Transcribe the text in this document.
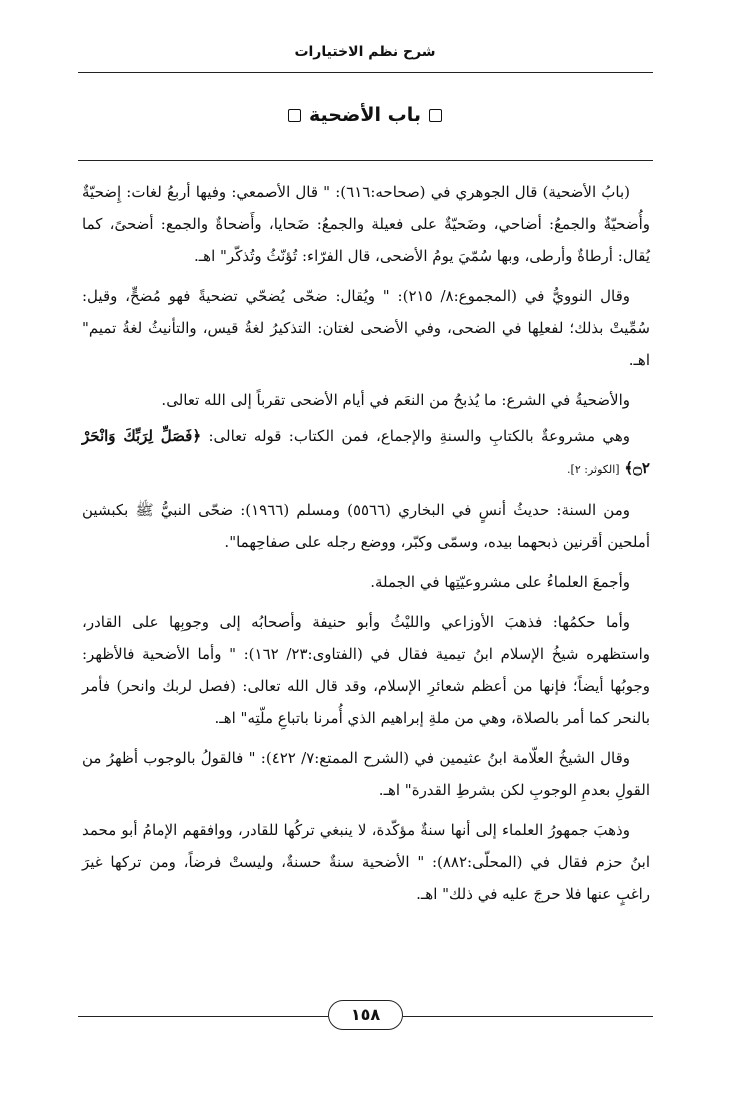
شرح نظم الاختيارات
باب الأضحية

(بابُ الأضحية) قال الجوهري في (صحاحه:٦١٦): " قال الأصمعي: وفيها أربعُ لغات: إِضحيّةٌ وأُضحيّةٌ والجمعُ: أضاحي، وضَحيّةٌ على فعيلة والجمعُ: ضَحايا، وأَضحاةٌ والجمع: أضحىً، كما يُقال: أرطاةٌ وأرطى، وبها سُمّيَ يومُ الأضحى، قال الفرّاء: تُؤنّثُ وتُذكّر" اهـ.

وقال النوويُّ في (المجموع:٨/ ٢١٥): " ويُقال: ضحّى يُضحّي تضحيةً فهو مُضحٍّ، وقيل: سُمِّيتْ بذلك؛ لفعلِها في الضحى، وفي الأضحى لغتان: التذكيرُ لغةُ قيس، والتأنيثُ لغةُ تميم" اهـ.

والأضحيةُ في الشرع: ما يُذبحُ من النعَم في أيام الأضحى تقرباً إلى الله تعالى.

وهي مشروعةٌ بالكتابِ والسنةِ والإجماع، فمن الكتاب: قوله تعالى: ﴿فَصَلِّ لِرَبِّكَ وَانْحَرْ ۝٢﴾ [الكوثر: ٢].

ومن السنة: حديثُ أنسٍ في البخاري (٥٥٦٦) ومسلم (١٩٦٦): ضحّى النبيُّ ﷺ بكبشين أملحين أقرنين ذبحهما بيده، وسمّى وكبّر، ووضع رجله على صفاحِهما".

وأجمعَ العلماءُ على مشروعيّتِها في الجملة.

وأما حكمُها: فذهبَ الأوزاعي والليْثُ وأبو حنيفة وأصحابُه إلى وجوبِها على القادر، واستظهره شيخُ الإسلام ابنُ تيمية فقال في (الفتاوى:٢٣/ ١٦٢): " وأما الأضحية فالأظهر: وجوبُها أيضاً؛ فإنها من أعظم شعائرِ الإسلام، وقد قال الله تعالى: (فصل لربك وانحر) فأمر بالنحر كما أمر بالصلاة، وهي من ملةِ إبراهيم الذي أُمرنا باتباعِ ملّتِه" اهـ.

وقال الشيخُ العلّامة ابنُ عثيمين في (الشرح الممتع:٧/ ٤٢٢): " فالقولُ بالوجوب أظهرُ من القولِ بعدمِ الوجوبِ لكن بشرطِ القدرة" اهـ.

وذهبَ جمهورُ العلماء إلى أنها سنةٌ مؤكّدة، لا ينبغي تركُها للقادر، ووافقهم الإمامُ أبو محمد ابنُ حزم فقال في (المحلّى:٨٨٢): " الأضحية سنةٌ حسنةٌ، وليستْ فرضاً، ومن تركها غيرَ راغبٍ عنها فلا حرجَ عليه في ذلك" اهـ.

١٥٨
